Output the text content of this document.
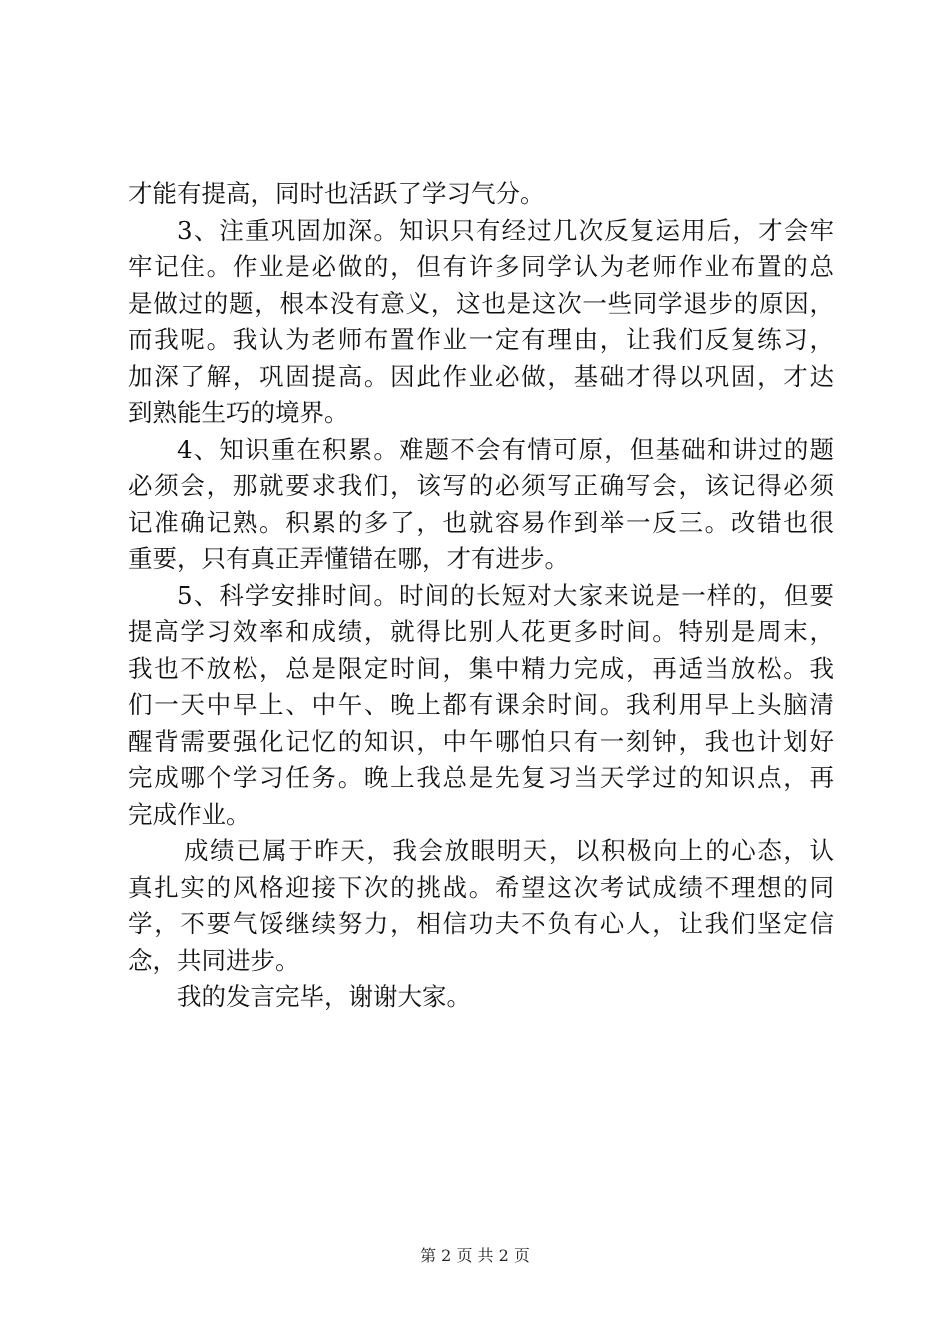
才能有提高，同时也活跃了学习气分。
3、注重巩固加深。知识只有经过几次反复运用后，才会牢
牢记住。作业是必做的，但有许多同学认为老师作业布置的总
是做过的题，根本没有意义，这也是这次一些同学退步的原因，
而我呢。我认为老师布置作业一定有理由，让我们反复练习，
加深了解，巩固提高。因此作业必做，基础才得以巩固，才达
到熟能生巧的境界。
4、知识重在积累。难题不会有情可原，但基础和讲过的题
必须会，那就要求我们，该写的必须写正确写会，该记得必须
记准确记熟。积累的多了，也就容易作到举一反三。改错也很
重要，只有真正弄懂错在哪，才有进步。
5、科学安排时间。时间的长短对大家来说是一样的，但要
提高学习效率和成绩，就得比别人花更多时间。特别是周末，
我也不放松，总是限定时间，集中精力完成，再适当放松。我
们一天中早上、中午、晚上都有课余时间。我利用早上头脑清
醒背需要强化记忆的知识，中午哪怕只有一刻钟，我也计划好
完成哪个学习任务。晚上我总是先复习当天学过的知识点，再
完成作业。
成绩已属于昨天，我会放眼明天，以积极向上的心态，认
真扎实的风格迎接下次的挑战。希望这次考试成绩不理想的同
学，不要气馁继续努力，相信功夫不负有心人，让我们坚定信
念，共同进步。
我的发言完毕，谢谢大家。
第 2 页 共 2 页
